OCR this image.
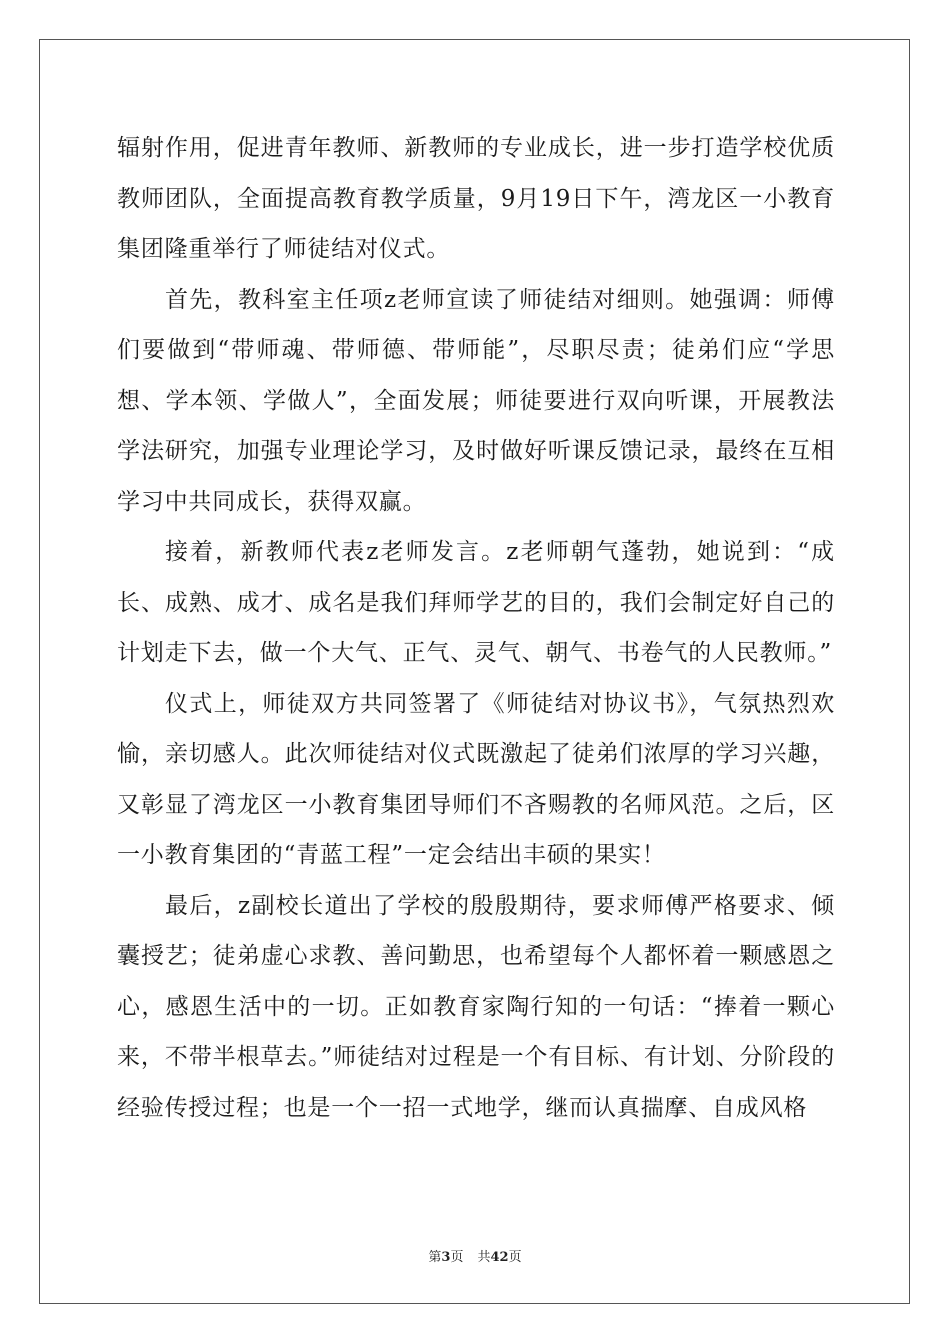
辐射作用，促进青年教师、新教师的专业成长，进一步打造学校优质教师团队，全面提高教育教学质量，9月19日下午，湾龙区一小教育集团隆重举行了师徒结对仪式。

首先，教科室主任项z老师宣读了师徒结对细则。她强调：师傅们要做到“带师魂、带师德、带师能”，尽职尽责；徒弟们应“学思想、学本领、学做人”，全面发展；师徒要进行双向听课，开展教法学法研究，加强专业理论学习，及时做好听课反馈记录，最终在互相学习中共同成长，获得双赢。

接着，新教师代表z老师发言。z老师朝气蓬勃，她说到：“成长、成熟、成才、成名是我们拜师学艺的目的，我们会制定好自己的计划走下去，做一个大气、正气、灵气、朝气、书卷气的人民教师。”

仪式上，师徒双方共同签署了《师徒结对协议书》，气氛热烈欢愉，亲切感人。此次师徒结对仪式既激起了徒弟们浓厚的学习兴趣，又彰显了湾龙区一小教育集团导师们不吝赐教的名师风范。之后，区一小教育集团的“青蓝工程”一定会结出丰硕的果实！

最后，z副校长道出了学校的殷殷期待，要求师傅严格要求、倾囊授艺；徒弟虚心求教、善问勤思，也希望每个人都怀着一颗感恩之心，感恩生活中的一切。正如教育家陶行知的一句话：“捧着一颗心来，不带半根草去。”师徒结对过程是一个有目标、有计划、分阶段的经验传授过程；也是一个一招一式地学，继而认真揣摩、自成风格

第3页 共42页
